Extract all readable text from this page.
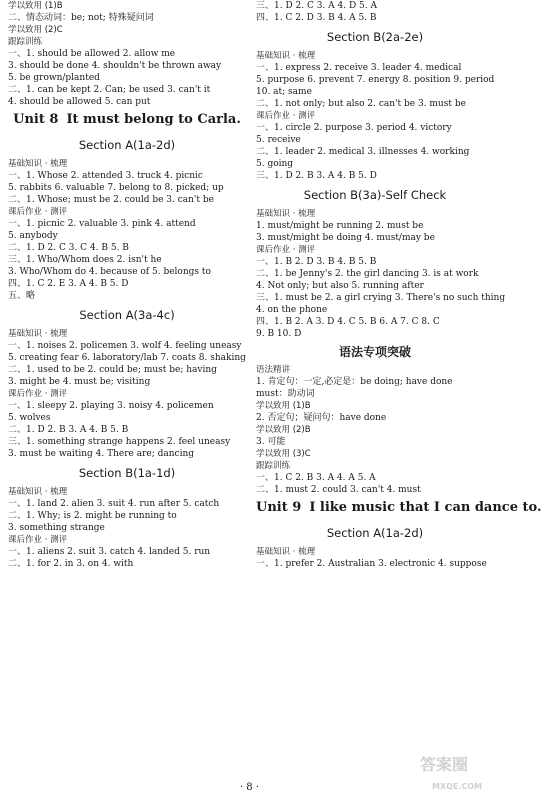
学以致用 (1)B
二、情态动词：be; not; 特殊疑问词
学以致用 (2)C
跟踪训练
一、1. should be allowed 2. allow me
3. should be done 4. shouldn't be thrown away
5. be grown/planted
二、1. can be kept 2. Can; be used 3. can't it
4. should be allowed 5. can put
Unit 8 It must belong to Carla.
Section A(1a-2d)
基础知识 · 梳理
一、1. Whose 2. attended 3. truck 4. picnic
5. rabbits 6. valuable 7. belong to 8. picked; up
二、1. Whose; must be 2. could be 3. can't be
课后作业 · 测评
一、1. picnic 2. valuable 3. pink 4. attend
5. anybody
二、1. D 2. C 3. C 4. B 5. B
三、1. Who/Whom does 2. isn't he
3. Who/Whom do 4. because of 5. belongs to
四、1. C 2. E 3. A 4. B 5. D
五、略
Section A(3a-4c)
基础知识 · 梳理
一、1. noises 2. policemen 3. wolf 4. feeling uneasy
5. creating fear 6. laboratory/lab 7. coats 8. shaking
二、1. used to be 2. could be; must be; having
3. might be 4. must be; visiting
课后作业 · 测评
一、1. sleepy 2. playing 3. noisy 4. policemen
5. wolves
二、1. D 2. B 3. A 4. B 5. B
三、1. something strange happens 2. feel uneasy
3. must be waiting 4. There are; dancing
Section B(1a-1d)
基础知识 · 梳理
一、1. land 2. alien 3. suit 4. run after 5. catch
二、1. Why; is 2. might be running to
3. something strange
课后作业 · 测评
一、1. aliens 2. suit 3. catch 4. landed 5. run
二、1. for 2. in 3. on 4. with
三、1. D 2. C 3. A 4. D 5. A
四、1. C 2. D 3. B 4. A 5. B
Section B(2a-2e)
基础知识 · 梳理
一、1. express 2. receive 3. leader 4. medical
5. purpose 6. prevent 7. energy 8. position 9. period
10. at; same
二、1. not only; but also 2. can't be 3. must be
课后作业 · 测评
一、1. circle 2. purpose 3. period 4. victory
5. receive
二、1. leader 2. medical 3. illnesses 4. working
5. going
三、1. D 2. B 3. A 4. B 5. D
Section B(3a)-Self Check
基础知识 · 梳理
1. must/might be running 2. must be
3. must/might be doing 4. must/may be
课后作业 · 测评
一、1. B 2. D 3. B 4. B 5. B
二、1. be Jenny's 2. the girl dancing 3. is at work
4. Not only; but also 5. running after
三、1. must be 2. a girl crying 3. There's no such thing
4. on the phone
四、1. B 2. A 3. D 4. C 5. B 6. A 7. C 8. C
9. B 10. D
语法专项突破
语法精讲
1. 肯定句：一定,必定是：be doing; have done
must：助动词
学以致用 (1)B
2. 否定句；疑问句：have done
学以致用 (2)B
3. 可能
学以致用 (3)C
跟踪训练
一、1. C 2. B 3. A 4. A 5. A
二、1. must 2. could 3. can't 4. must
Unit 9 I like music that I can dance to.
Section A(1a-2d)
基础知识 · 梳理
一、1. prefer 2. Australian 3. electronic 4. suppose
答案圈
MXQE.COM
· 8 ·
